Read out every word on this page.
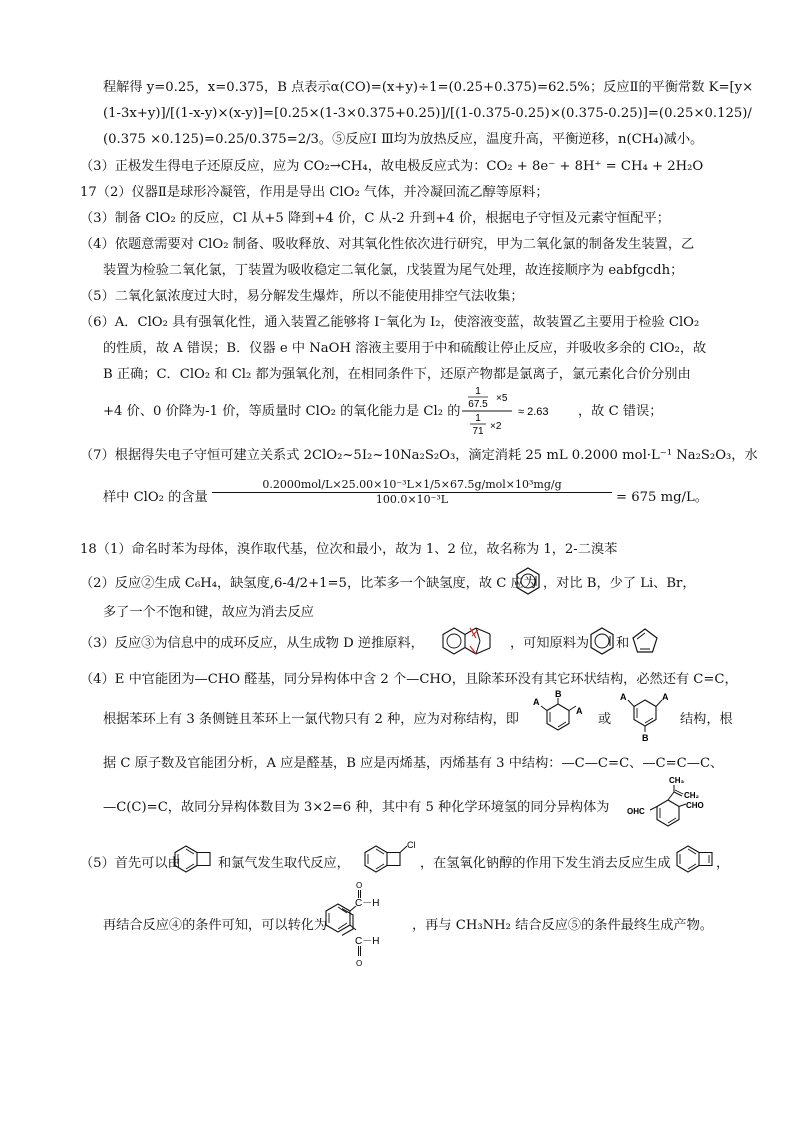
程解得 y=0.25，x=0.375，B 点表示α(CO)=(x+y)÷1=(0.25+0.375)=62.5%；反应Ⅱ的平衡常数 K=[y×
(1-3x+y)]/[(1-x-y)×(x-y)]=[0.25×(1-3×0.375+0.25)]/[(1-0.375-0.25)×(0.375-0.25)]=(0.25×0.125)/
(0.375 ×0.125)=0.25/0.375=2/3。⑤反应Ⅰ Ⅲ均为放热反应，温度升高，平衡逆移，n(CH₄)减小。
（3）正极发生得电子还原反应，应为 CO₂→CH₄，故电极反应式为：CO₂ + 8e⁻ + 8H⁺ = CH₄ + 2H₂O
17（2）仪器Ⅱ是球形冷凝管，作用是导出 ClO₂ 气体，并冷凝回流乙醇等原料；
（3）制备 ClO₂ 的反应，Cl 从+5 降到+4 价，C 从-2 升到+4 价，根据电子守恒及元素守恒配平；
（4）依题意需要对 ClO₂ 制备、吸收释放、对其氧化性依次进行研究，甲为二氧化氯的制备发生装置，乙
装置为检验二氧化氯，丁装置为吸收稳定二氧化氯，戊装置为尾气处理，故连接顺序为 eabfgcdh；
（5）二氧化氯浓度过大时，易分解发生爆炸，所以不能使用排空气法收集；
（6）A．ClO₂ 具有强氧化性，通入装置乙能够将 I⁻氧化为 I₂，使溶液变蓝，故装置乙主要用于检验 ClO₂
的性质，故 A 错误；B．仪器 e 中 NaOH 溶液主要用于中和硫酸让停止反应，并吸收多余的 ClO₂，故
B 正确；C．ClO₂ 和 Cl₂ 都为强氧化剂，在相同条件下，还原产物都是氯离子，氯元素化合价分别由
+4 价、0 价降为-1 价，等质量时 ClO₂ 的氧化能力是 Cl₂ 的
1
67.5
×5
1
71 ×2
≈ 2.63 ，故 C 错误；
（7）根据得失电子守恒可建立关系式 2ClO₂~5I₂~10Na₂S₂O₃，滴定消耗 25 mL 0.2000 mol·L⁻¹ Na₂S₂O₃，水
样中 ClO₂ 的含量
0.2000mol/L×25.00×10⁻³L×1/5×67.5g/mol×10³mg/g
100.0×10⁻³L	= 675 mg/L。
18（1）命名时苯为母体，溴作取代基，位次和最小，故为 1、2 位，故名称为 1，2-二溴苯
（2）反应②生成 C₆H₄，缺氢度,6-4/2+1=5，比苯多一个缺氢度，故 C 应为 ，对比 B，少了 Li、Br，
多了一个不饱和键，故应为消去反应
（3）反应③为信息中的成环反应，从生成物 D 逆推原料，	，可知原料为 和
（4）E 中官能团为—CHO 醛基，同分异构体中含 2 个—CHO，且除苯环没有其它环状结构，必然还有 C=C，
根据苯环上有 3 条侧链且苯环上一氯代物只有 2 种，应为对称结构，即
B
A
A
或
A	A
B
结构，根
据 C 原子数及官能团分析，A 应是醛基，B 应是丙烯基，丙烯基有 3 中结构：—C—C=C、—C=C—C、
—C(C)=C，故同分异构体数目为 3×2=6 种，其中有 5 种化学环境氢的同分异构体为
CH₃
CH₂
OHC
CHO
（5）首先可以由	和氯气发生取代反应，
Cl
，在氢氧化钠醇的作用下发生消去反应生成	，
再结合反应④的条件可知，可以转化为
O
C－H
O
C－H
，再与 CH₃NH₂ 结合反应⑤的条件最终生成产物。
